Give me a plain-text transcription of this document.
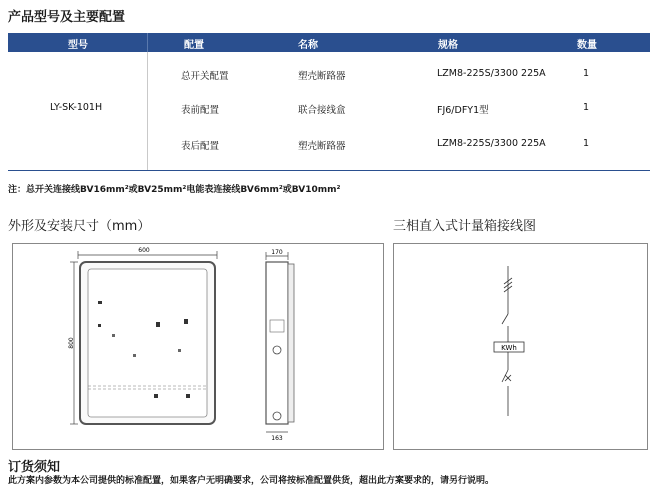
产品型号及主要配置
型号	配置	名称	规格	数量
LY-SK-101H
总开关配置	塑壳断路器	LZM8-225S/3300 225A	1
表前配置	联合接线盒	FJ6/DFY1型	1
表后配置	塑壳断路器	LZM8-225S/3300 225A	1
注：总开关连接线BV16mm²或BV25mm²电能表连接线BV6mm²或BV10mm²
外形及安装尺寸（mm）	三相直入式计量箱接线图
600
800
170
163
KWh
订货须知
此方案内参数为本公司提供的标准配置，如果客户无明确要求，公司将按标准配置供货，超出此方案要求的，请另行说明。
